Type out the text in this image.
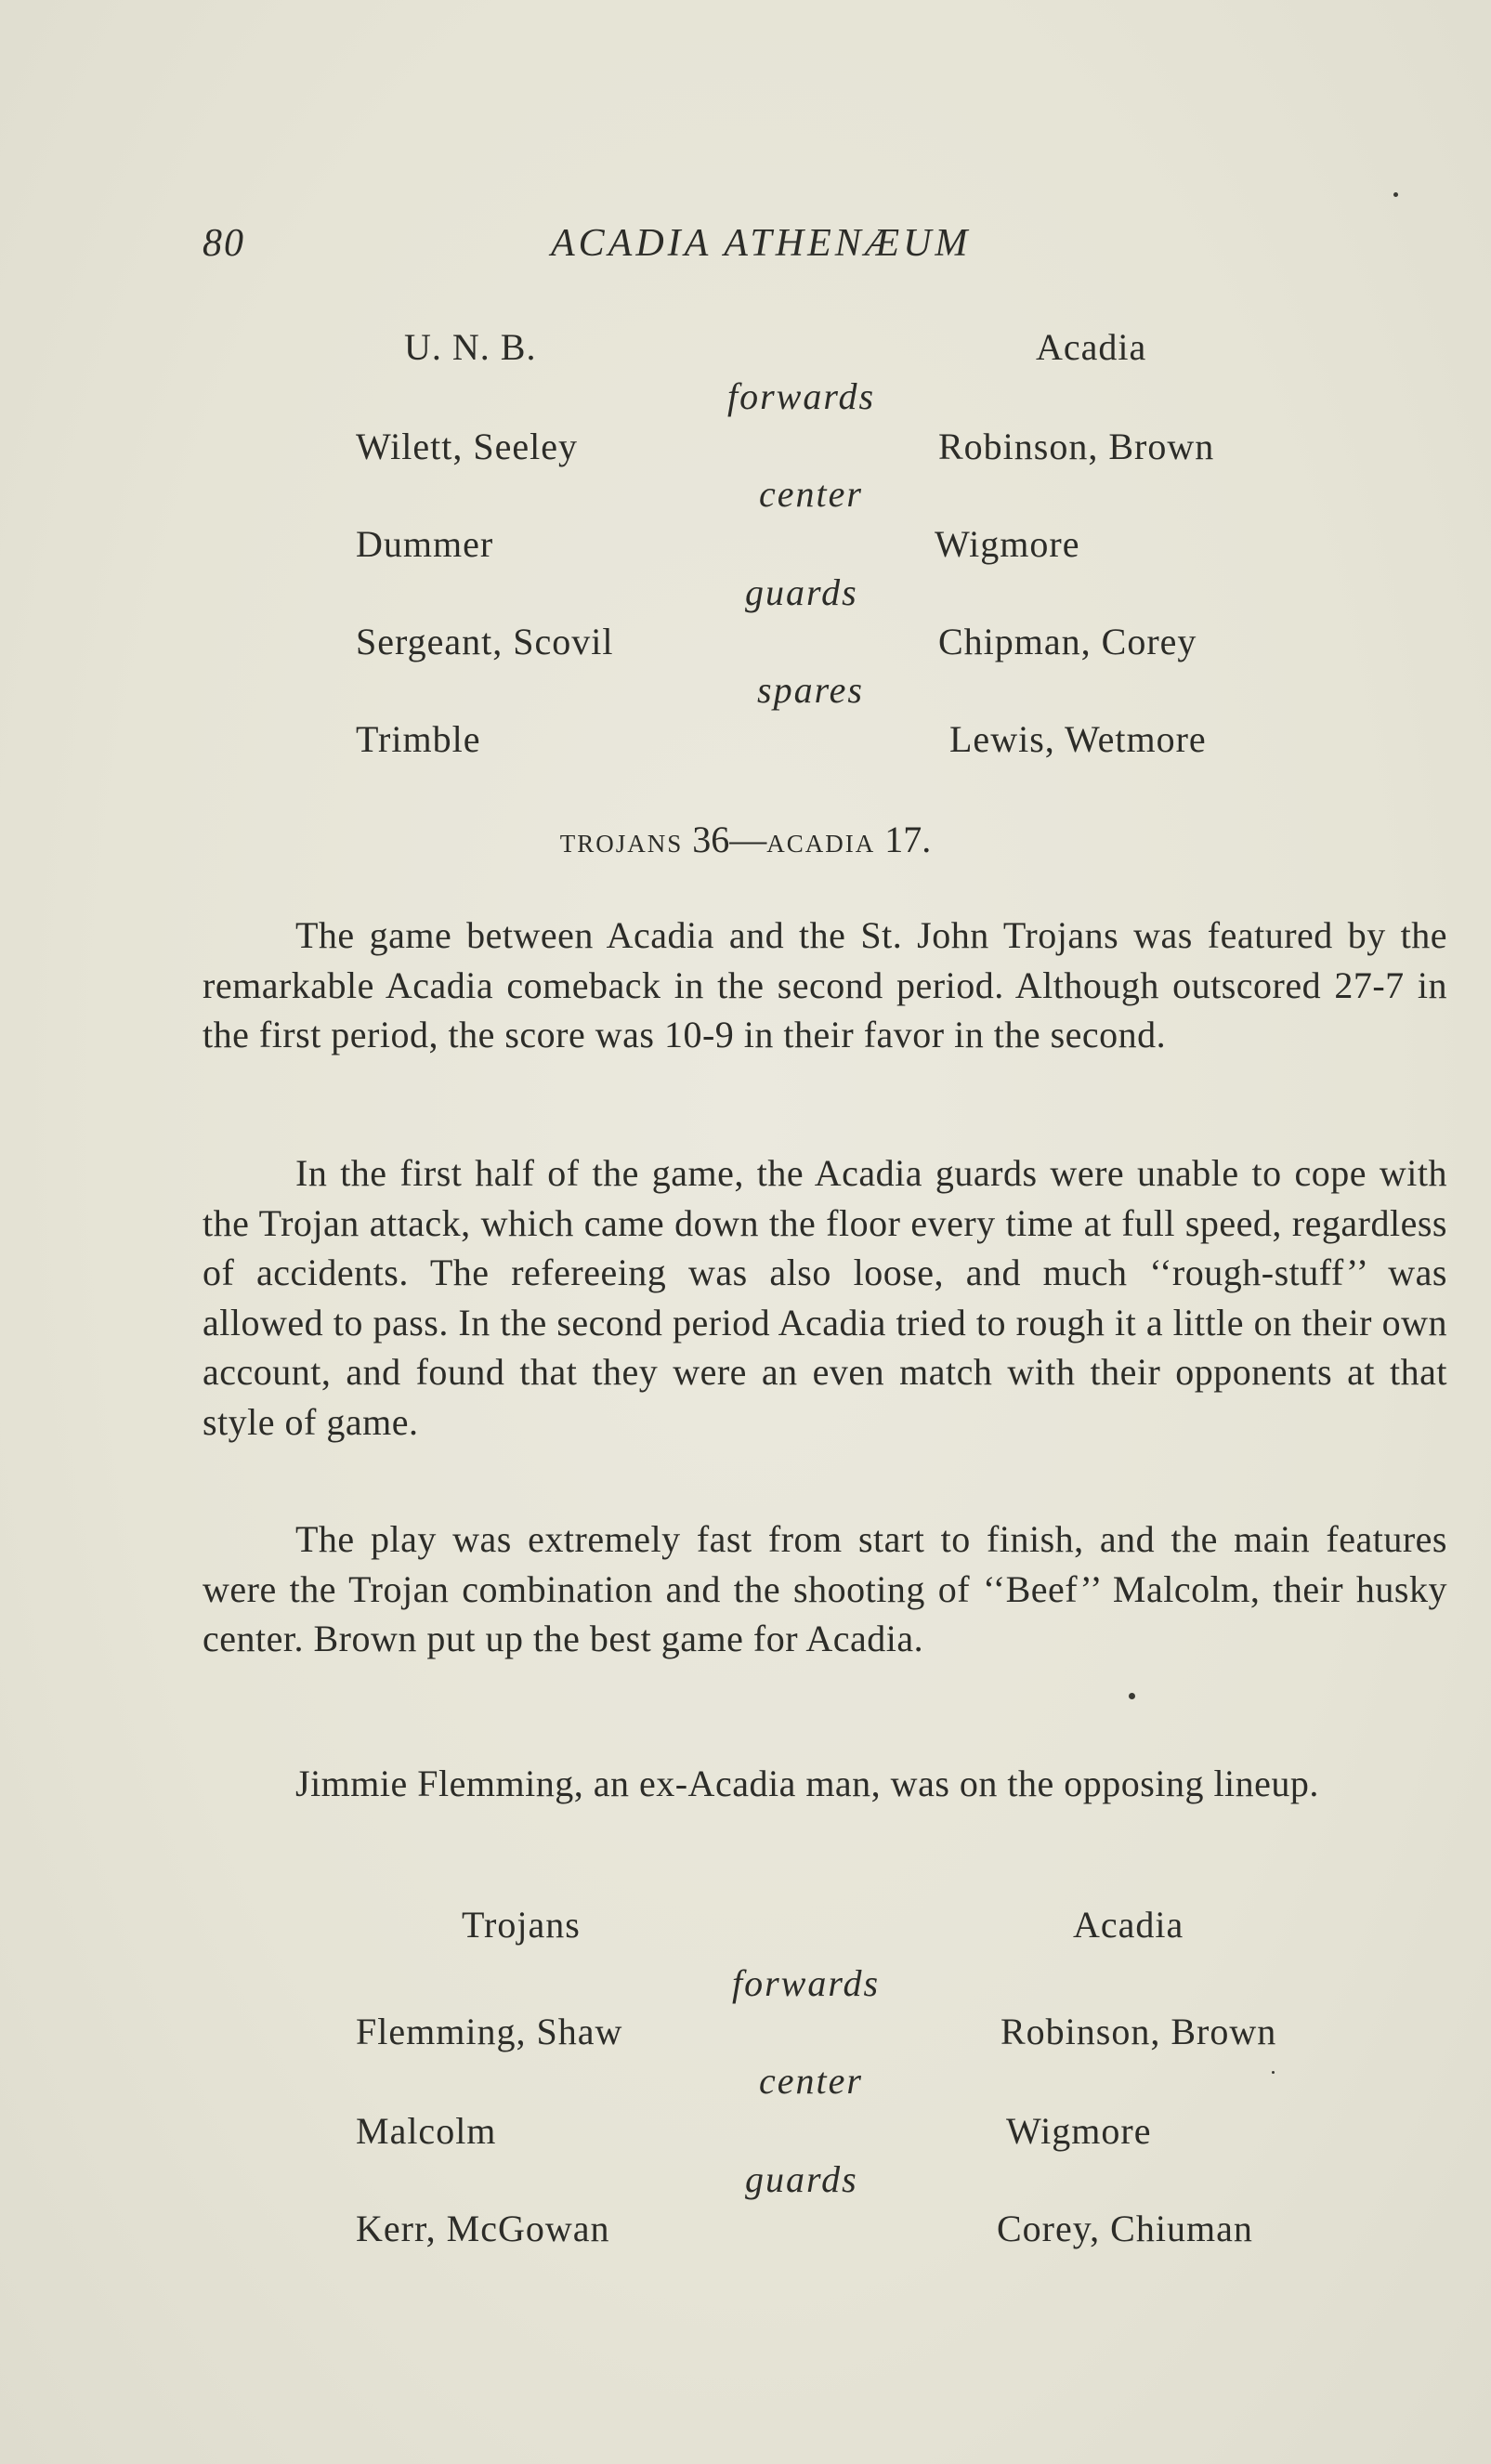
80	ACADIA ATHENÆUM
U. N. B.	Acadia
forwards
Wilett, Seeley	Robinson, Brown
center
Dummer	Wigmore
guards
Sergeant, Scovil	Chipman, Corey
spares
Trimble	Lewis, Wetmore
TROJANS 36—ACADIA 17.

The game between Acadia and the St. John Trojans was featured by the remarkable Acadia comeback in the second period. Although outscored 27-7 in the first period, the score was 10-9 in their favor in the second.

In the first half of the game, the Acadia guards were unable to cope with the Trojan attack, which came down the floor every time at full speed, regardless of accidents. The refereeing was also loose, and much ‘‘rough-stuff’’ was allowed to pass. In the second period Acadia tried to rough it a little on their own account, and found that they were an even match with their opponents at that style of game.

The play was extremely fast from start to finish, and the main features were the Trojan combination and the shooting of ‘‘Beef’’ Malcolm, their husky center. Brown put up the best game for Acadia.

Jimmie Flemming, an ex-Acadia man, was on the opposing lineup.

Trojans	Acadia
forwards
Flemming, Shaw	Robinson, Brown
center
Malcolm	Wigmore
guards
Kerr, McGowan	Corey, Chiuman
